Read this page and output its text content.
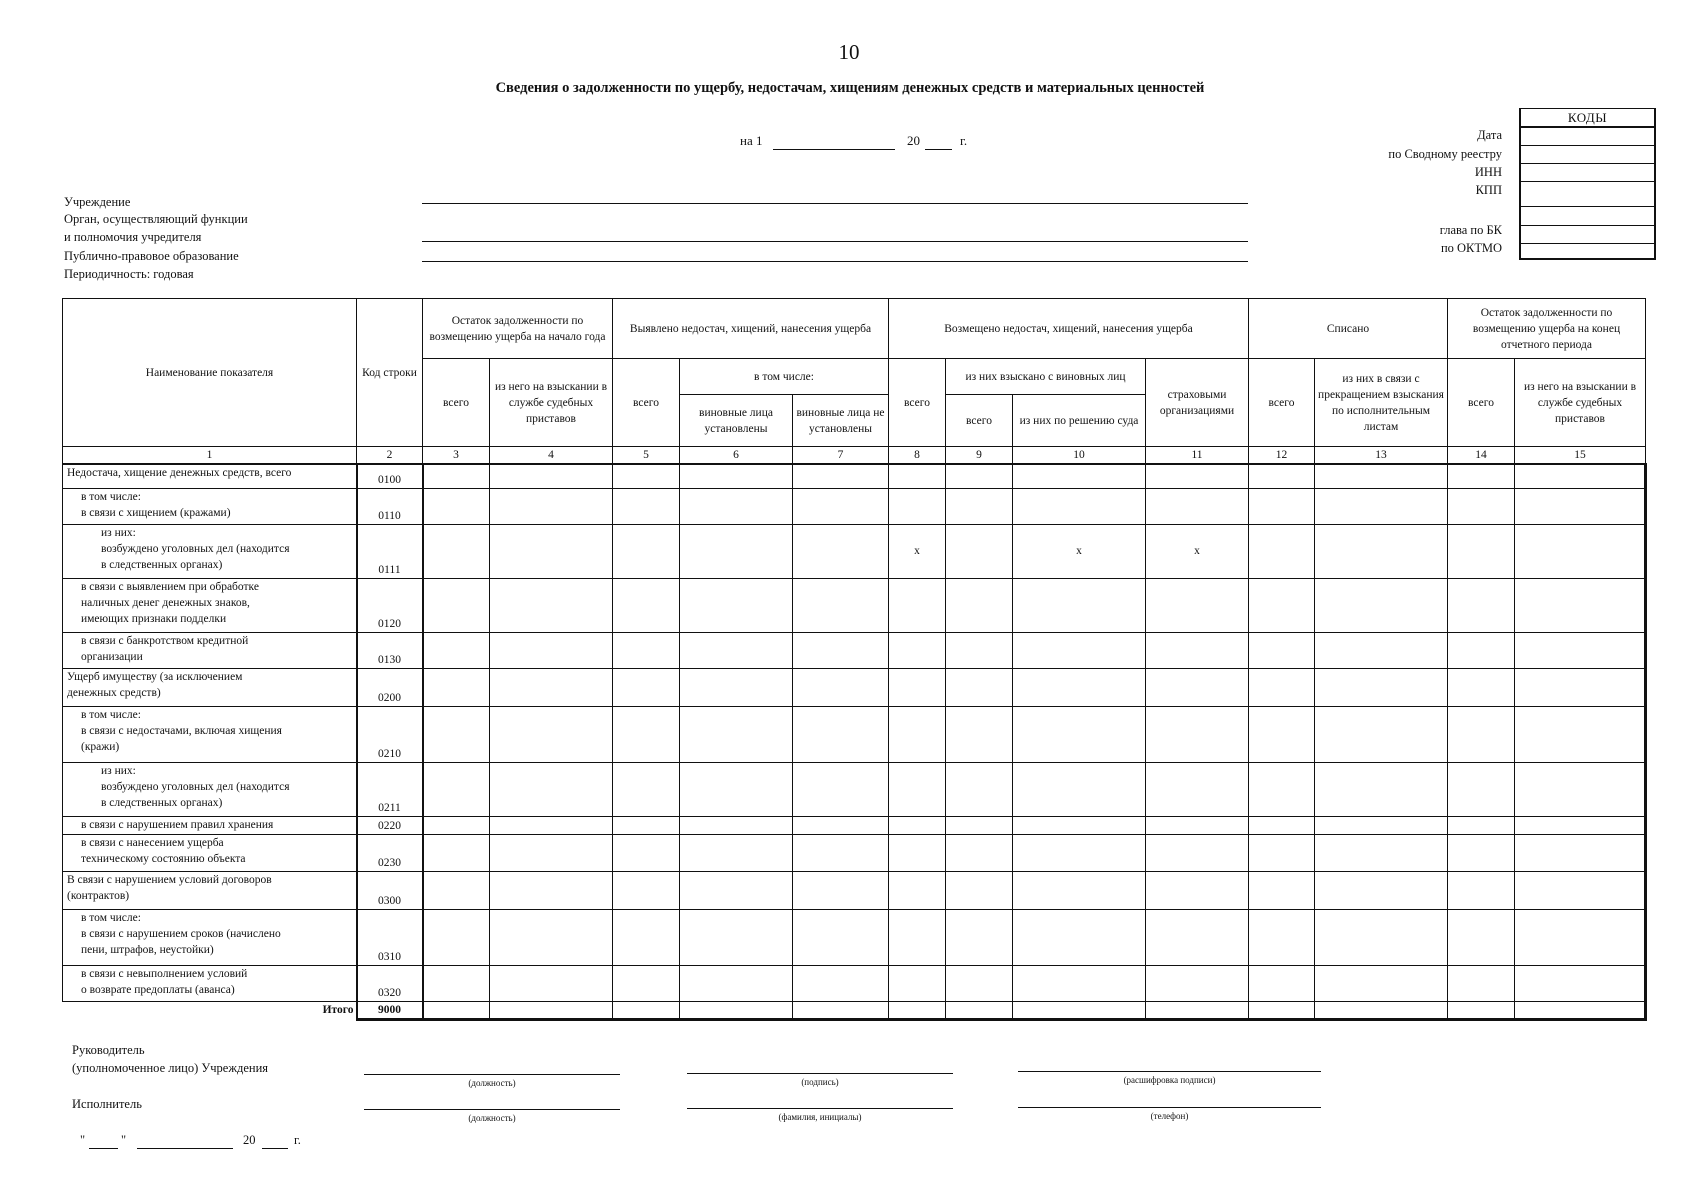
10
Сведения о задолженности по ущербу, недостачам, хищениям денежных средств и материальных ценностей
на 1	20	г.
Учреждение
Орган, осуществляющий функции
и полномочия учредителя
Публично-правовое образование
Периодичность: годовая
Дата
по Сводному реестру
ИНН
КПП
глава по БК
по ОКТМО
КОДЫ
Наименование показателя	Код строки	Остаток задолженности по возмещению ущерба на начало года		Выявлено недостач, хищений, нанесения ущерба			Возмещено недостач, хищений, нанесения ущерба				Списано		Остаток задолженности по возмещению ущерба на конец отчетного периода	
		всего	из него на взыскании в службе судебных приставов	всего	в том числе:		всего	из них взыскано с виновных лиц		страховыми организациями	всего	из них в связи с прекращением взыскания по исполнительным листам	всего	из него на взыскании в службе судебных приставов
					виновные лица установлены	виновные лица не установлены		всего	из них по решению суда					
1	2	3	4	5	6	7	8	9	10	11	12	13	14	15
Недостача, хищение денежных средств, всего	0100													
в том числе:
в связи с хищением (кражами)	0110													
из них:
возбуждено уголовных дел (находится
в следственных органах)	0111						x		x	x				
в связи с выявлением при обработке
наличных денег денежных знаков,
имеющих признаки подделки	0120													
в связи с банкротством кредитной
организации	0130													
Ущерб имуществу (за исключением
денежных средств)	0200													
в том числе:
в связи с недостачами, включая хищения
(кражи)	0210													
из них:
возбуждено уголовных дел (находится
в следственных органах)	0211													
в связи с нарушением правил хранения	0220													
в связи с нанесением ущерба
техническому состоянию объекта	0230													
В связи с нарушением условий договоров
(контрактов)	0300													
в том числе:
в связи с нарушением сроков (начислено
пени, штрафов, неустойки)	0310													
в связи с невыполнением условий
о возврате предоплаты (аванса)	0320													
Итого	9000													
Руководитель
(уполномоченное лицо) Учреждения
(должность)	(подпись)	(расшифровка подписи)
Исполнитель
(должность)	(фамилия, инициалы)	(телефон)
"	"	20	г.
